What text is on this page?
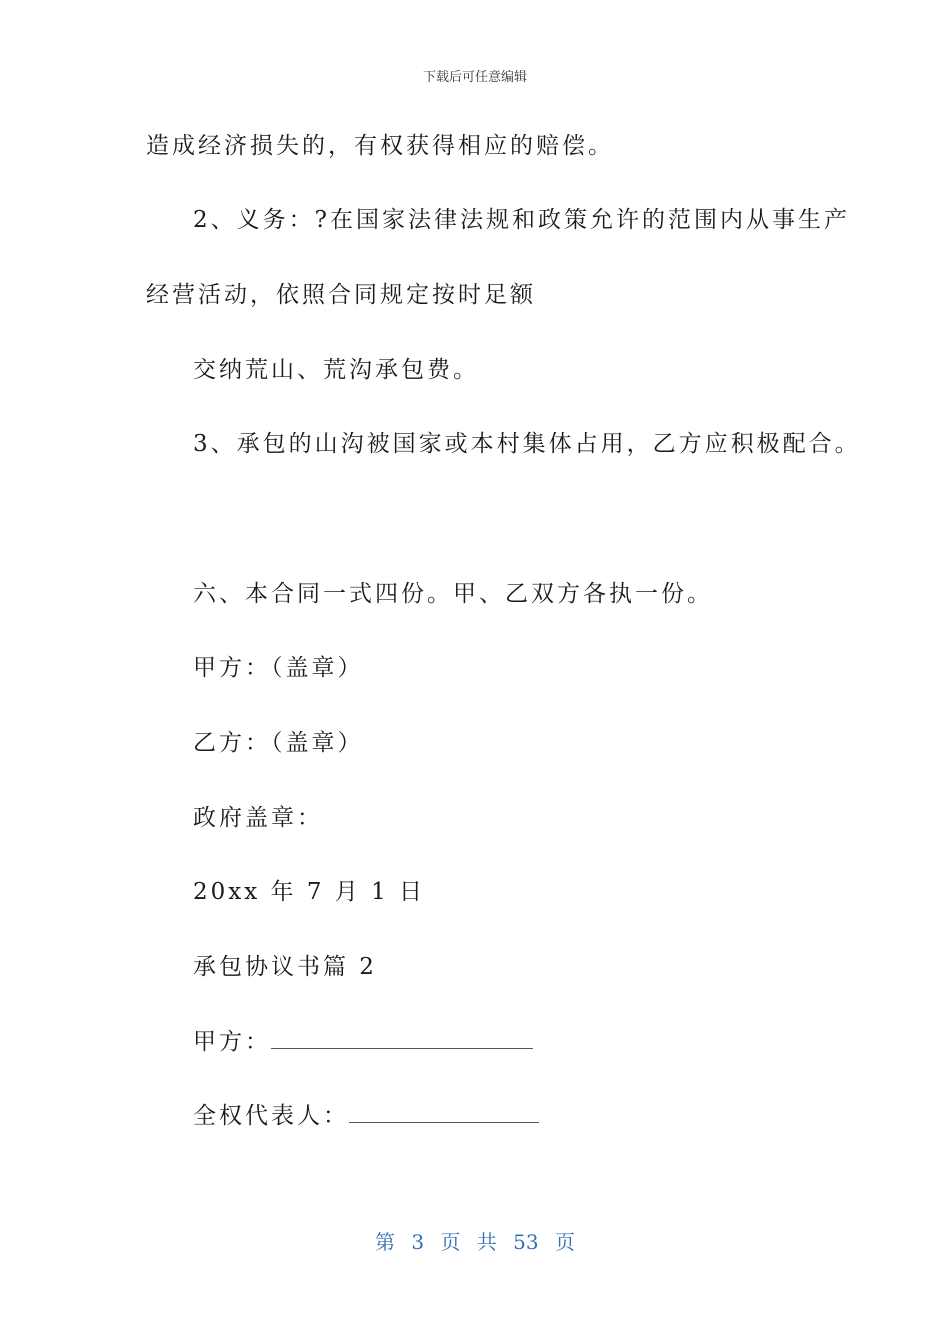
下载后可任意编辑
造成经济损失的，有权获得相应的赔偿。
2、义务：?在国家法律法规和政策允许的范围内从事生产
经营活动，依照合同规定按时足额
交纳荒山、荒沟承包费。
3、承包的山沟被国家或本村集体占用，乙方应积极配合。
六、本合同一式四份。甲、乙双方各执一份。
甲方：（盖章）
乙方：（盖章）
政府盖章：
20xx 年 7 月 1 日
承包协议书篇 2
甲方：
全权代表人：
第 3 页 共 53 页
